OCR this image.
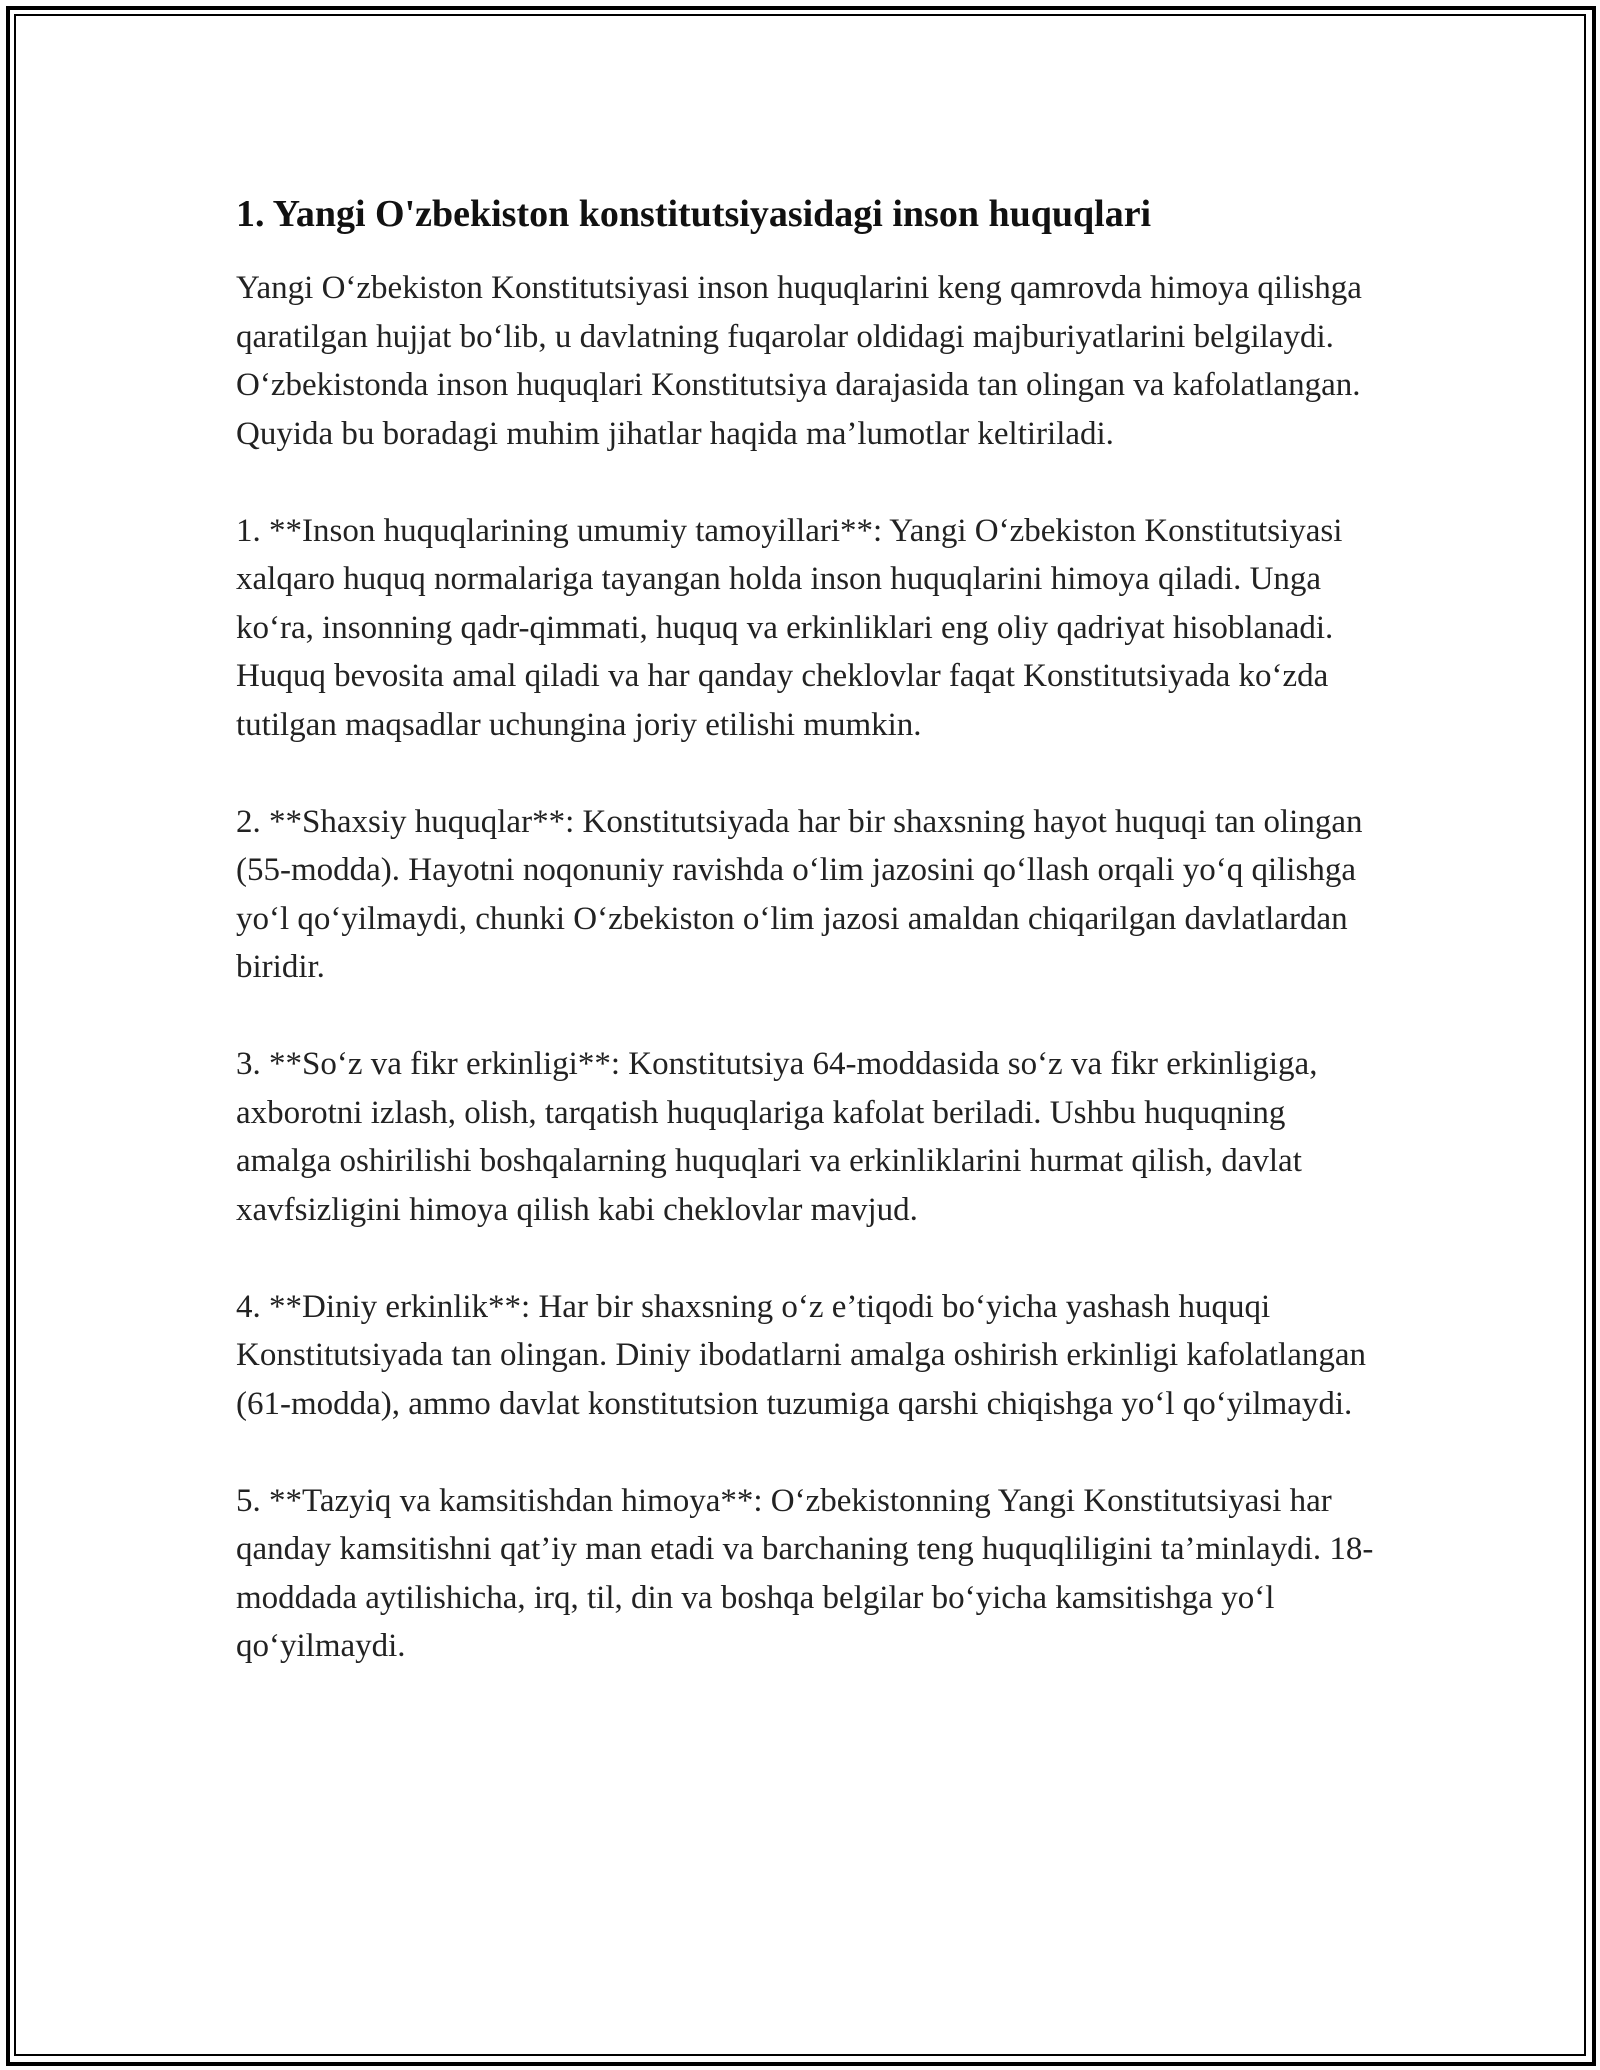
1. Yangi O'zbekiston konstitutsiyasidagi inson huquqlari

Yangi O‘zbekiston Konstitutsiyasi inson huquqlarini keng qamrovda himoya qilishga qaratilgan hujjat bo‘lib, u davlatning fuqarolar oldidagi majburiyatlarini belgilaydi. O‘zbekistonda inson huquqlari Konstitutsiya darajasida tan olingan va kafolatlangan. Quyida bu boradagi muhim jihatlar haqida ma’lumotlar keltiriladi.

1. **Inson huquqlarining umumiy tamoyillari**: Yangi O‘zbekiston Konstitutsiyasi xalqaro huquq normalariga tayangan holda inson huquqlarini himoya qiladi. Unga ko‘ra, insonning qadr-qimmati, huquq va erkinliklari eng oliy qadriyat hisoblanadi. Huquq bevosita amal qiladi va har qanday cheklovlar faqat Konstitutsiyada ko‘zda tutilgan maqsadlar uchungina joriy etilishi mumkin.

2. **Shaxsiy huquqlar**: Konstitutsiyada har bir shaxsning hayot huquqi tan olingan (55-modda). Hayotni noqonuniy ravishda o‘lim jazosini qo‘llash orqali yo‘q qilishga yo‘l qo‘yilmaydi, chunki O‘zbekiston o‘lim jazosi amaldan chiqarilgan davlatlardan biridir.

3. **So‘z va fikr erkinligi**: Konstitutsiya 64-moddasida so‘z va fikr erkinligiga, axborotni izlash, olish, tarqatish huquqlariga kafolat beriladi. Ushbu huquqning amalga oshirilishi boshqalarning huquqlari va erkinliklarini hurmat qilish, davlat xavfsizligini himoya qilish kabi cheklovlar mavjud.

4. **Diniy erkinlik**: Har bir shaxsning o‘z e’tiqodi bo‘yicha yashash huquqi Konstitutsiyada tan olingan. Diniy ibodatlarni amalga oshirish erkinligi kafolatlangan (61-modda), ammo davlat konstitutsion tuzumiga qarshi chiqishga yo‘l qo‘yilmaydi.

5. **Tazyiq va kamsitishdan himoya**: O‘zbekistonning Yangi Konstitutsiyasi har qanday kamsitishni qat’iy man etadi va barchaning teng huquqliligini ta’minlaydi. 18-moddada aytilishicha, irq, til, din va boshqa belgilar bo‘yicha kamsitishga yo‘l qo‘yilmaydi.
